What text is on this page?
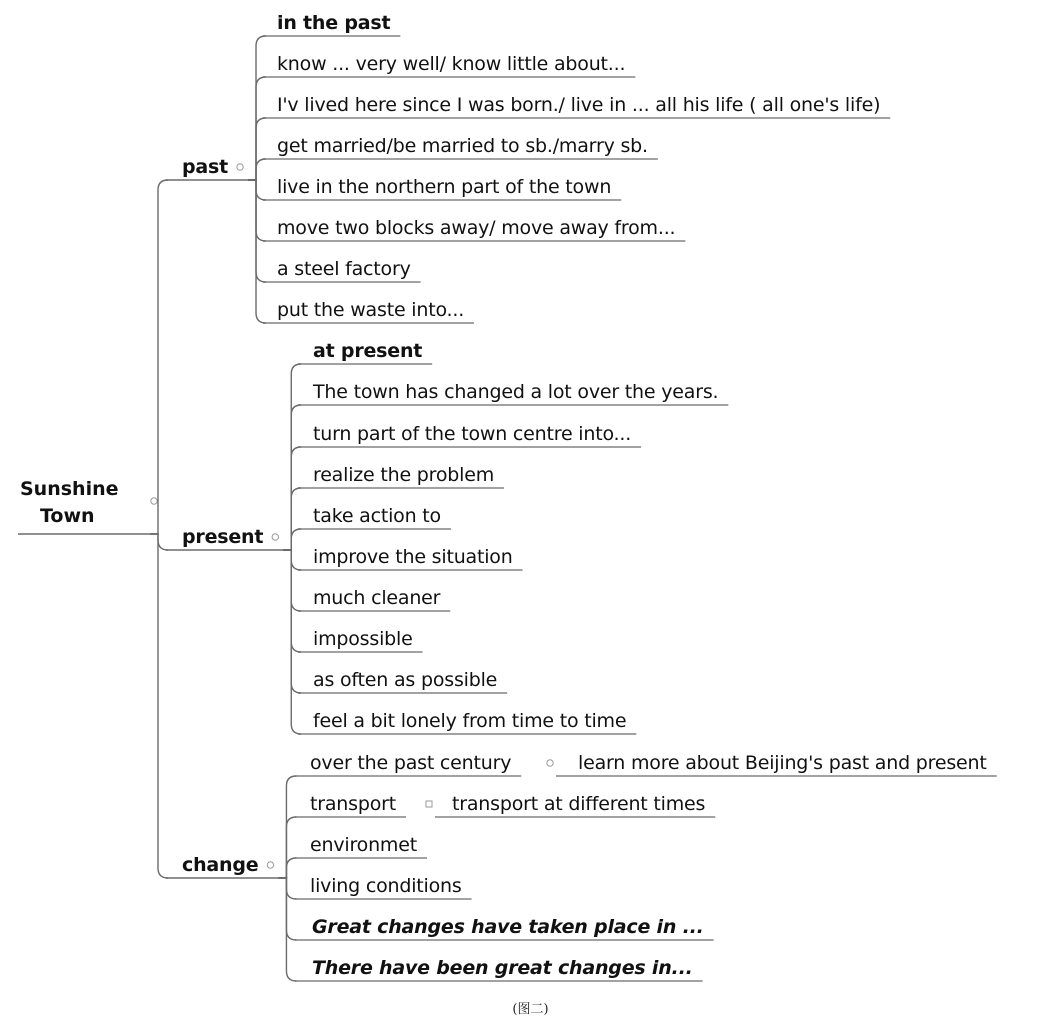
Sunshine
Town
past
present
change
in the past
know ... very well/ know little about...
I'v lived here since I was born./ live in ... all his life ( all one's life)
get married/be married to sb./marry sb.
live in the northern part of the town
move two blocks away/ move away from...
a steel factory
put the waste into...
at present
The town has changed a lot over the years.
turn part of the town centre into...
realize the problem
take action to
improve the situation
much cleaner
impossible
as often as possible
feel a bit lonely from time to time
over the past century	learn more about Beijing's past and present
transport	transport at different times
environmet
living conditions
Great changes have taken place in ...
There have been great changes in...
(图二)
